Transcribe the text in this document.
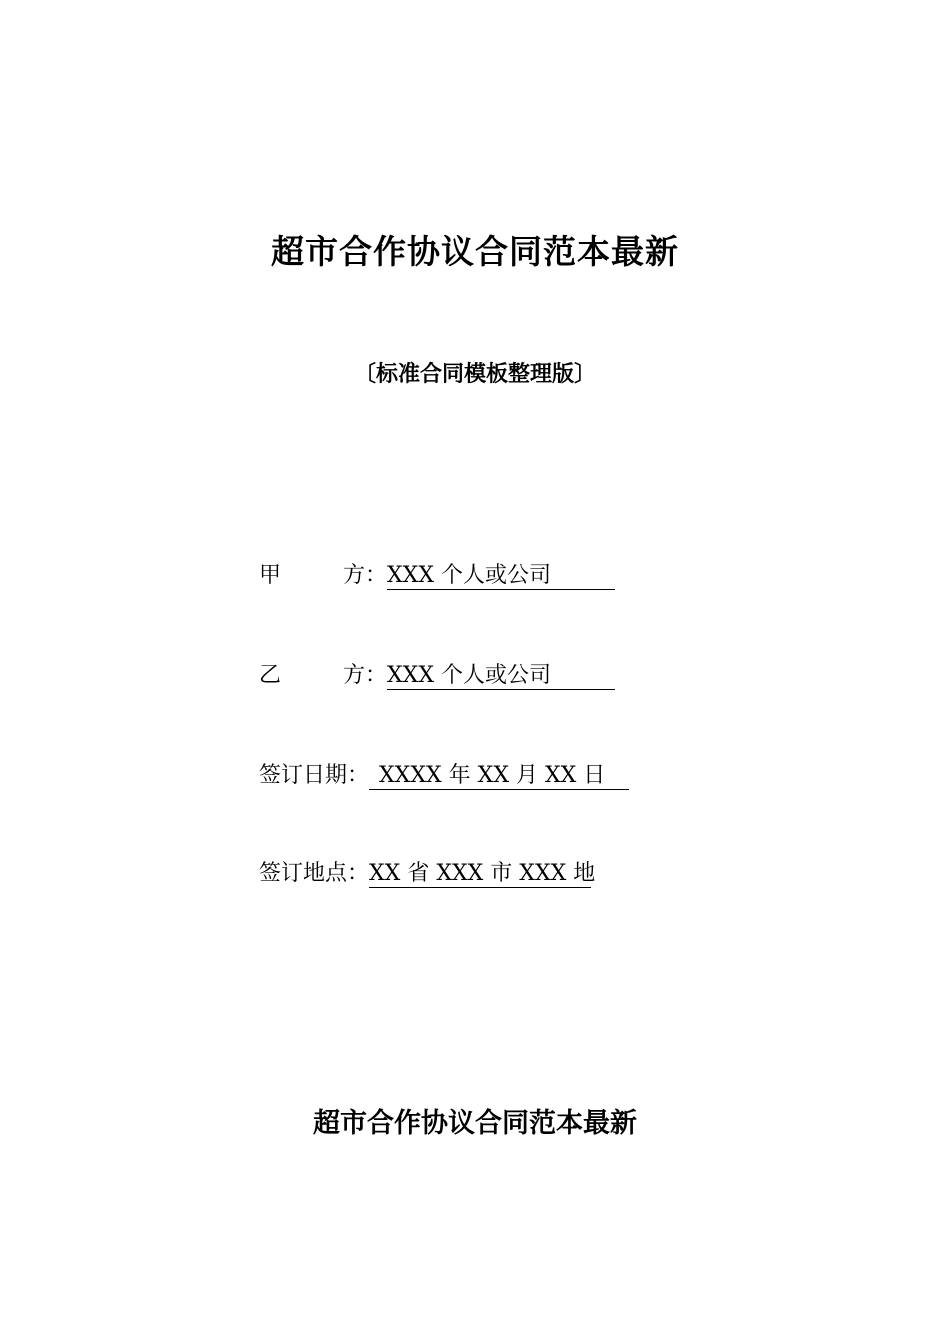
超市合作协议合同范本最新
〔标准合同模板整理版〕
甲	方： XXX 个人或公司
乙	方： XXX 个人或公司
签订日期： XXXX 年 XX 月 XX 日
签订地点：XX 省 XXX 市 XXX 地
超市合作协议合同范本最新
